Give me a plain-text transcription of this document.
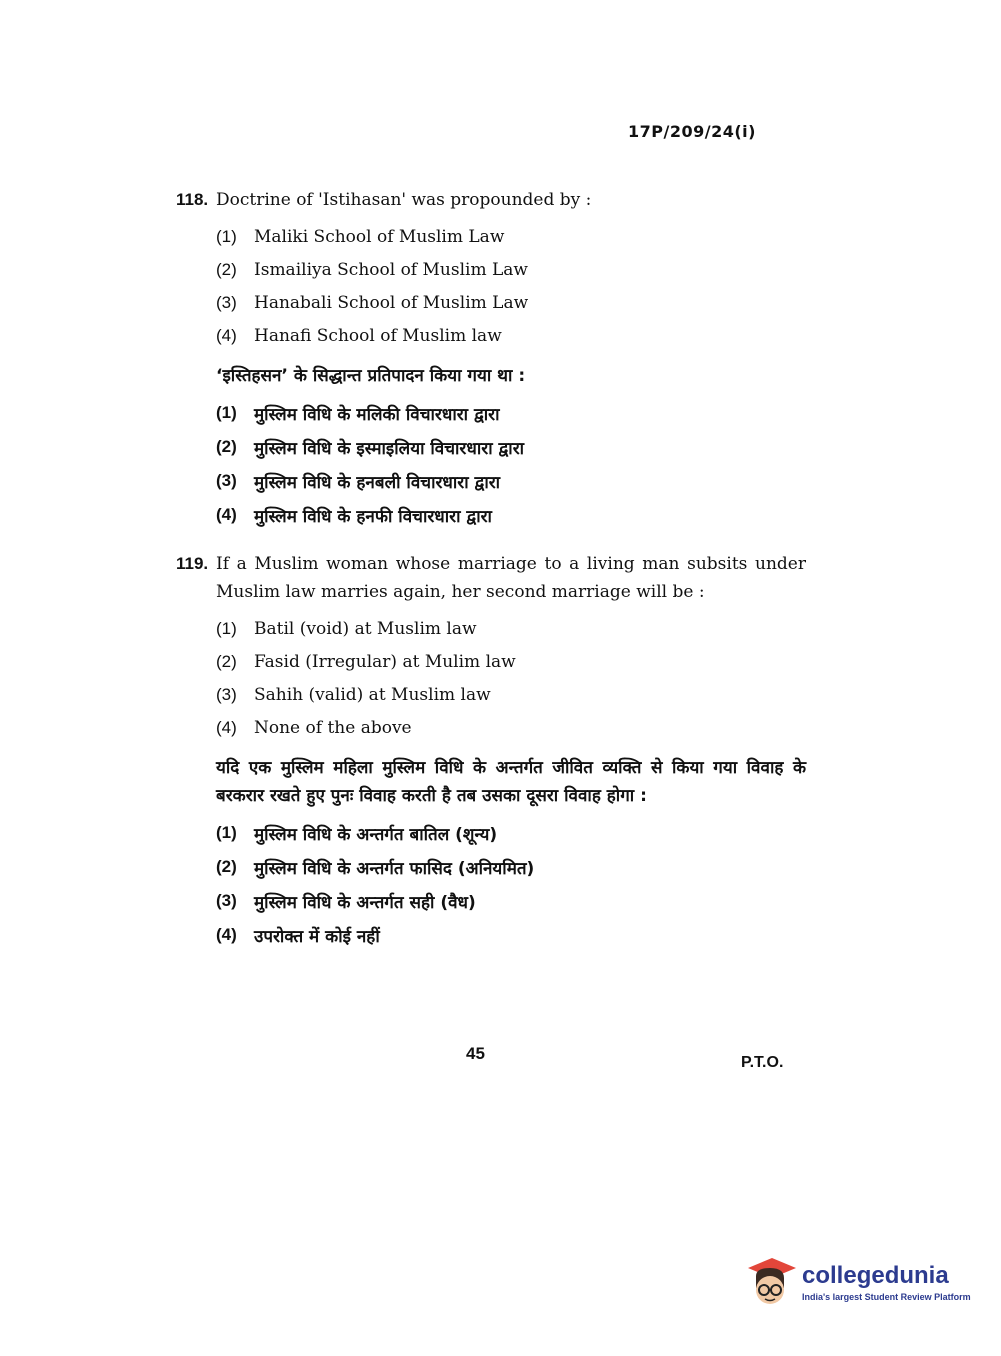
17P/209/24(i)
118. Doctrine of 'Istihasan' was propounded by :
(1)	Maliki School of Muslim Law
(2)	Ismailiya School of Muslim Law
(3)	Hanabali School of Muslim Law
(4)	Hanafi School of Muslim law
‘इस्तिहसन’ के सिद्धान्त प्रतिपादन किया गया था :
(1)	मुस्लिम विधि के मलिकी विचारधारा द्वारा
(2)	मुस्लिम विधि के इस्माइलिया विचारधारा द्वारा
(3)	मुस्लिम विधि के हनबली विचारधारा द्वारा
(4)	मुस्लिम विधि के हनफी विचारधारा द्वारा
119. If a Muslim woman whose marriage to a living man subsits under Muslim law marries again, her second marriage will be :
(1)	Batil (void) at Muslim law
(2)	Fasid (Irregular) at Mulim law
(3)	Sahih (valid) at Muslim law
(4)	None of the above
यदि एक मुस्लिम महिला मुस्लिम विधि के अन्तर्गत जीवित व्यक्ति से किया गया विवाह के बरकरार रखते हुए पुनः विवाह करती है तब उसका दूसरा विवाह होगा :
(1)	मुस्लिम विधि के अन्तर्गत बातिल (शून्य)
(2)	मुस्लिम विधि के अन्तर्गत फासिद (अनियमित)
(3)	मुस्लिम विधि के अन्तर्गत सही (वैध)
(4)	उपरोक्त में कोई नहीं
45	P.T.O.
collegedunia
India's largest Student Review Platform
